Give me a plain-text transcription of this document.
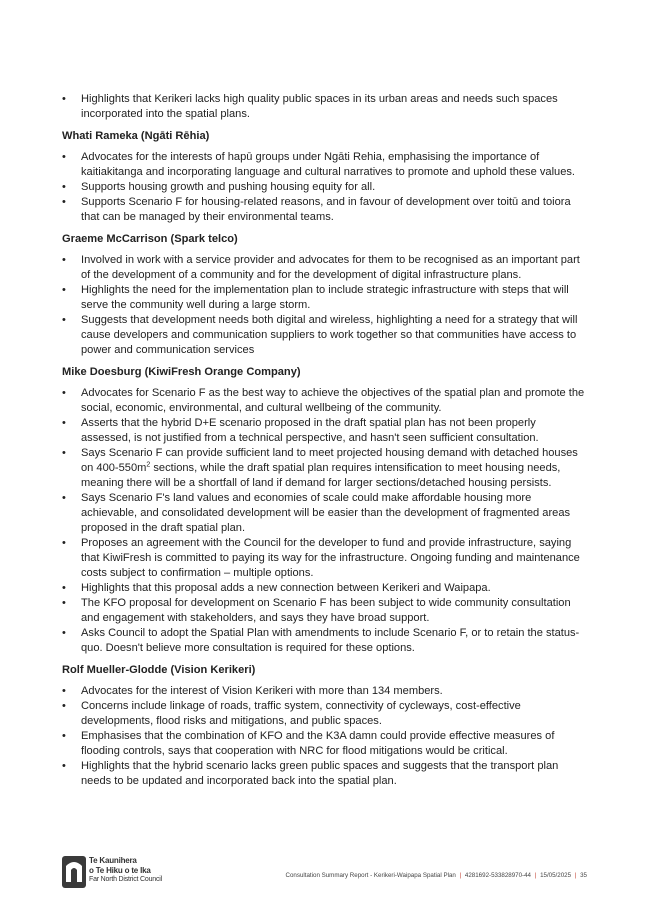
• Highlights that Kerikeri lacks high quality public spaces in its urban areas and needs such spaces incorporated into the spatial plans.
Whati Rameka (Ngāti Rēhia)
• Advocates for the interests of hapū groups under Ngāti Rehia, emphasising the importance of kaitiakitanga and incorporating language and cultural narratives to promote and uphold these values.
• Supports housing growth and pushing housing equity for all.
• Supports Scenario F for housing-related reasons, and in favour of development over toitū and toiora that can be managed by their environmental teams.
Graeme McCarrison (Spark telco)
• Involved in work with a service provider and advocates for them to be recognised as an important part of the development of a community and for the development of digital infrastructure plans.
• Highlights the need for the implementation plan to include strategic infrastructure with steps that will serve the community well during a large storm.
• Suggests that development needs both digital and wireless, highlighting a need for a strategy that will cause developers and communication suppliers to work together so that communities have access to power and communication services
Mike Doesburg (KiwiFresh Orange Company)
• Advocates for Scenario F as the best way to achieve the objectives of the spatial plan and promote the social, economic, environmental, and cultural wellbeing of the community.
• Asserts that the hybrid D+E scenario proposed in the draft spatial plan has not been properly assessed, is not justified from a technical perspective, and hasn't seen sufficient consultation.
• Says Scenario F can provide sufficient land to meet projected housing demand with detached houses on $400-550m^2$ sections, while the draft spatial plan requires intensification to meet housing needs, meaning there will be a shortfall of land if demand for larger sections/detached housing persists.
• Says Scenario F's land values and economies of scale could make affordable housing more achievable, and consolidated development will be easier than the development of fragmented areas proposed in the draft spatial plan.
• Proposes an agreement with the Council for the developer to fund and provide infrastructure, saying that KiwiFresh is committed to paying its way for the infrastructure. Ongoing funding and maintenance costs subject to confirmation – multiple options.
• Highlights that this proposal adds a new connection between Kerikeri and Waipapa.
• The KFO proposal for development on Scenario F has been subject to wide community consultation and engagement with stakeholders, and says they have broad support.
• Asks Council to adopt the Spatial Plan with amendments to include Scenario F, or to retain the status-quo. Doesn't believe more consultation is required for these options.
Rolf Mueller-Glodde (Vision Kerikeri)
• Advocates for the interest of Vision Kerikeri with more than 134 members.
• Concerns include linkage of roads, traffic system, connectivity of cycleways, cost-effective developments, flood risks and mitigations, and public spaces.
• Emphasises that the combination of KFO and the K3A damn could provide effective measures of flooding controls, says that cooperation with NRC for flood mitigations would be critical.
• Highlights that the hybrid scenario lacks green public spaces and suggests that the transport plan needs to be updated and incorporated back into the spatial plan.
Te Kaunihera
o Te Hiku o te Ika
Far North District Council
Consultation Summary Report - Kerikeri-Waipapa Spatial Plan | 4281692-533828970-44 | 15/05/2025 | 35
